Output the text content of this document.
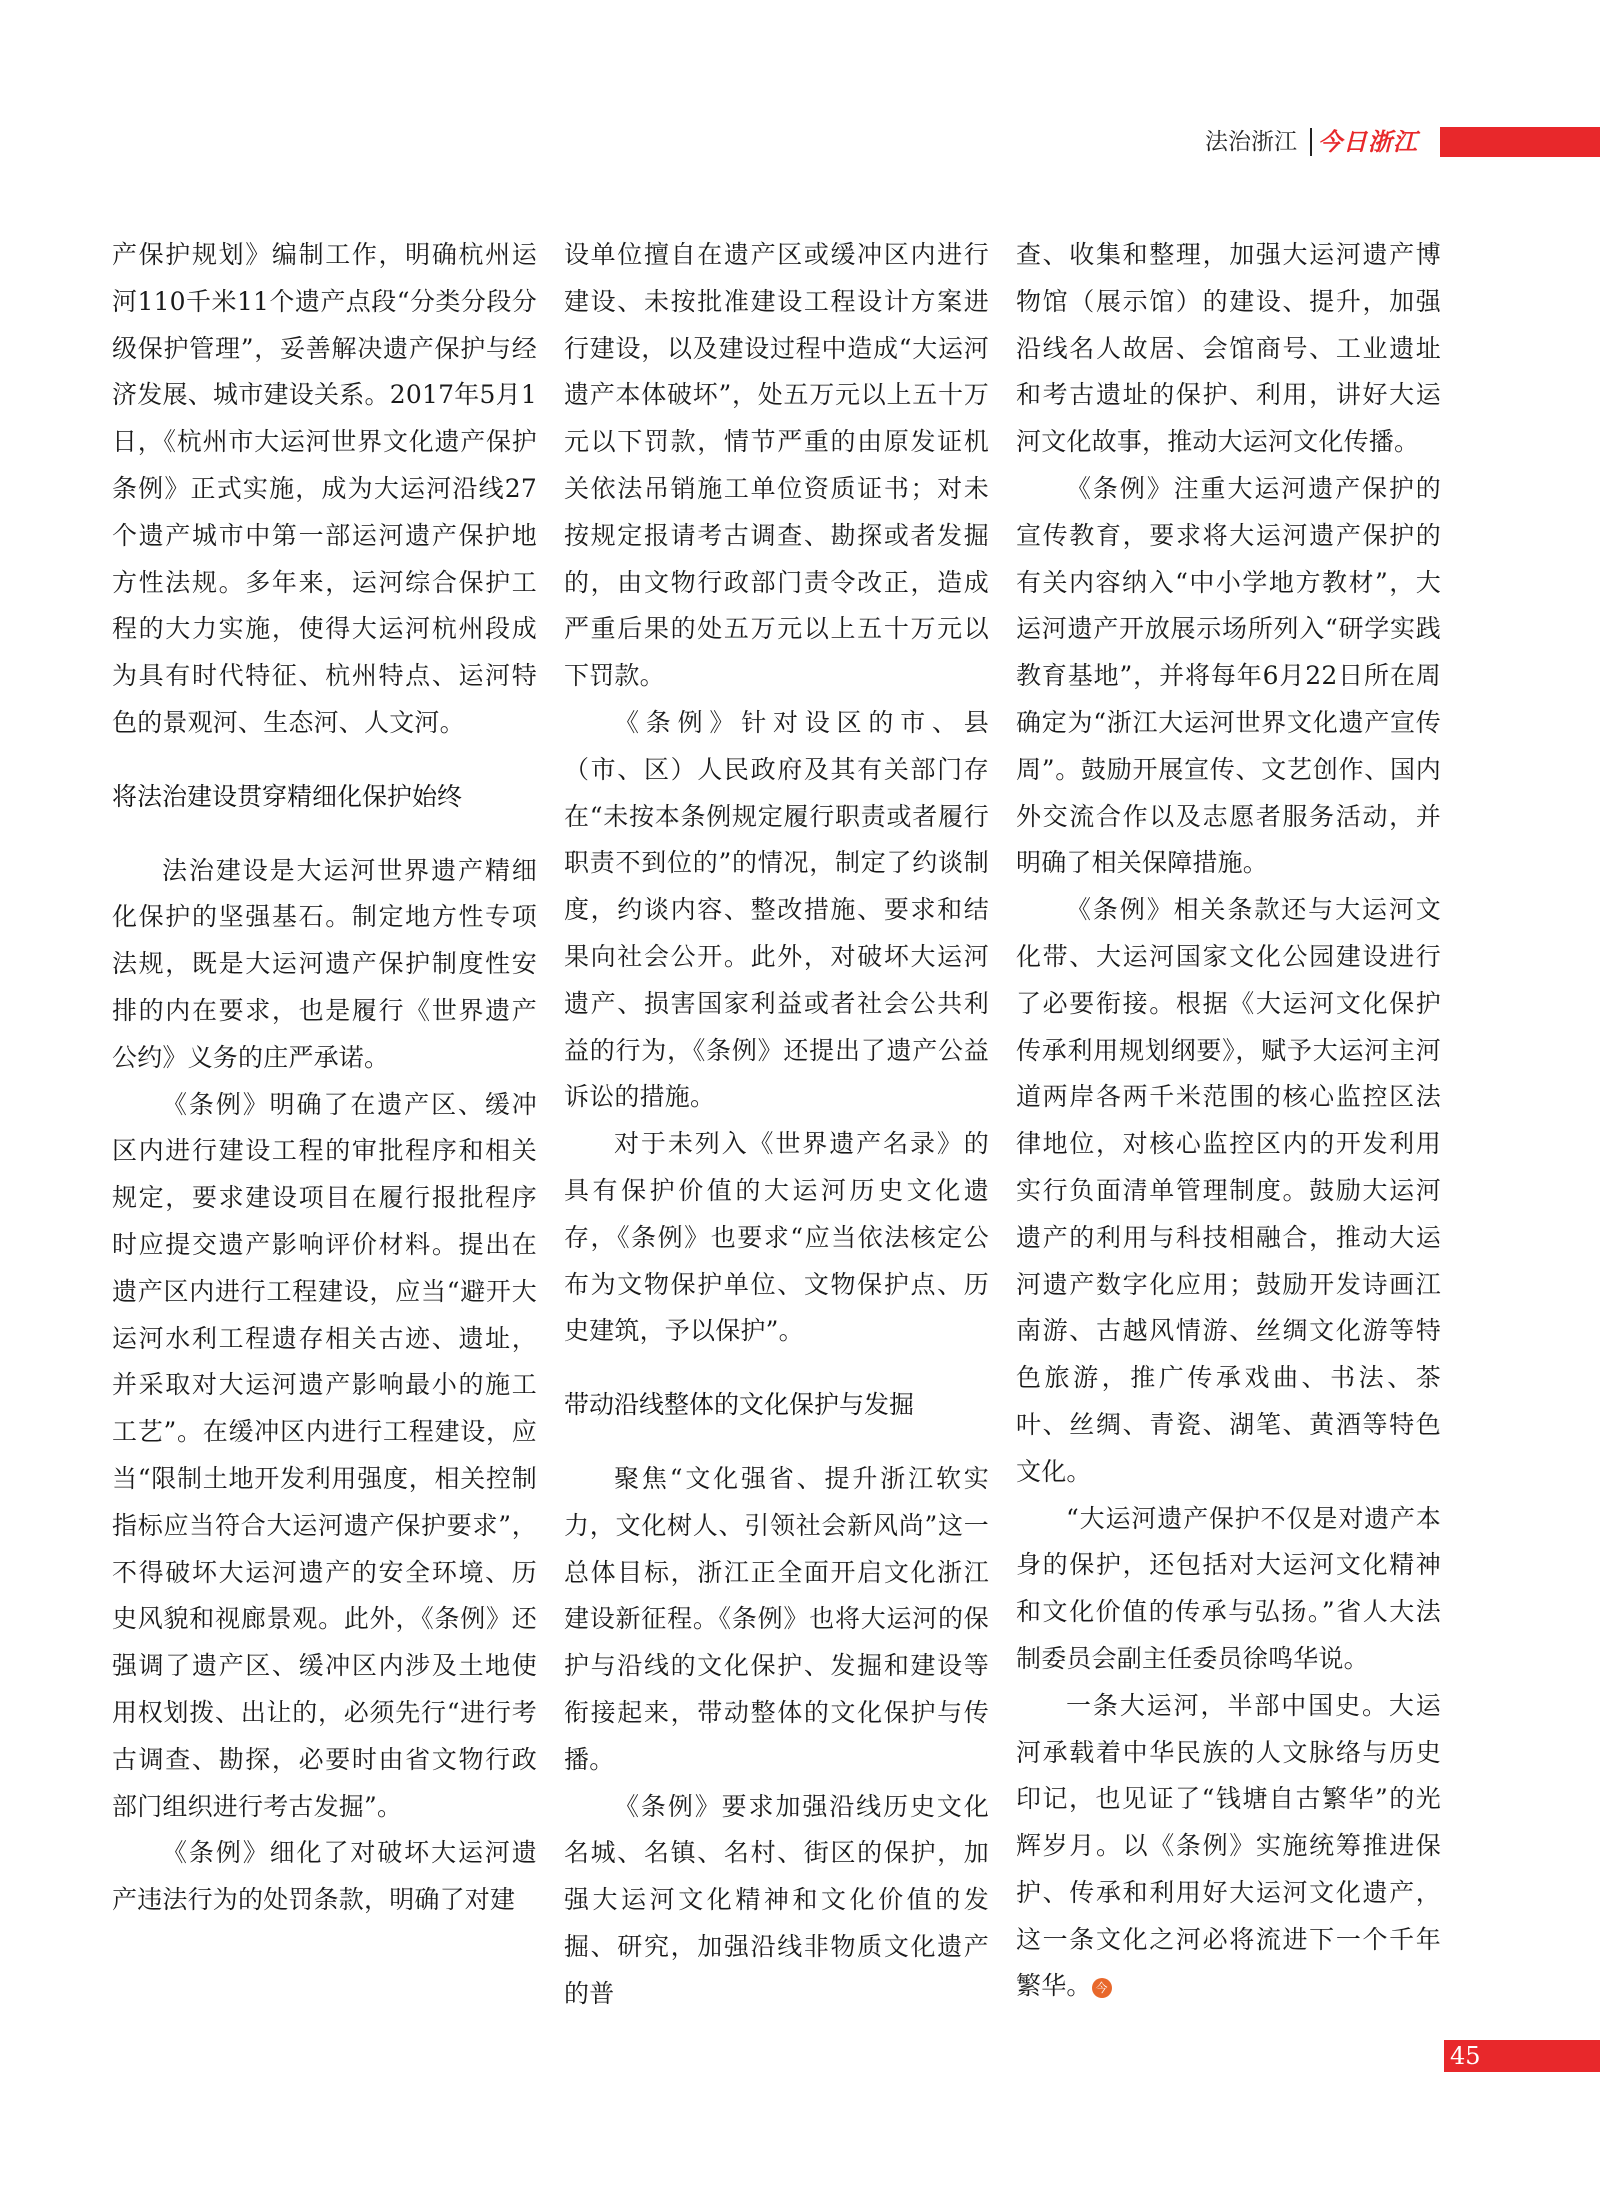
法治浙江 今日浙江

产保护规划》编制工作，明确杭州运河110千米11个遗产点段“分类分段分级保护管理”，妥善解决遗产保护与经济发展、城市建设关系。2017年5月1日，《杭州市大运河世界文化遗产保护条例》正式实施，成为大运河沿线27个遗产城市中第一部运河遗产保护地方性法规。多年来，运河综合保护工程的大力实施，使得大运河杭州段成为具有时代特征、杭州特点、运河特色的景观河、生态河、人文河。

将法治建设贯穿精细化保护始终

法治建设是大运河世界遗产精细化保护的坚强基石。制定地方性专项法规，既是大运河遗产保护制度性安排的内在要求，也是履行《世界遗产公约》义务的庄严承诺。

《条例》明确了在遗产区、缓冲区内进行建设工程的审批程序和相关规定，要求建设项目在履行报批程序时应提交遗产影响评价材料。提出在遗产区内进行工程建设，应当“避开大运河水利工程遗存相关古迹、遗址，并采取对大运河遗产影响最小的施工工艺”。在缓冲区内进行工程建设，应当“限制土地开发利用强度，相关控制指标应当符合大运河遗产保护要求”，不得破坏大运河遗产的安全环境、历史风貌和视廊景观。此外，《条例》还强调了遗产区、缓冲区内涉及土地使用权划拨、出让的，必须先行“进行考古调查、勘探，必要时由省文物行政部门组织进行考古发掘”。

《条例》细化了对破坏大运河遗产违法行为的处罚条款，明确了对建

设单位擅自在遗产区或缓冲区内进行建设、未按批准建设工程设计方案进行建设，以及建设过程中造成“大运河遗产本体破坏”，处五万元以上五十万元以下罚款，情节严重的由原发证机关依法吊销施工单位资质证书；对未按规定报请考古调查、勘探或者发掘的，由文物行政部门责令改正，造成严重后果的处五万元以上五十万元以下罚款。

《条例》针对设区的市、县（市、区）人民政府及其有关部门存在“未按本条例规定履行职责或者履行职责不到位的”的情况，制定了约谈制度，约谈内容、整改措施、要求和结果向社会公开。此外，对破坏大运河遗产、损害国家利益或者社会公共利益的行为，《条例》还提出了遗产公益诉讼的措施。

对于未列入《世界遗产名录》的具有保护价值的大运河历史文化遗存，《条例》也要求“应当依法核定公布为文物保护单位、文物保护点、历史建筑，予以保护”。

带动沿线整体的文化保护与发掘

聚焦“文化强省、提升浙江软实力，文化树人、引领社会新风尚”这一总体目标，浙江正全面开启文化浙江建设新征程。《条例》也将大运河的保护与沿线的文化保护、发掘和建设等衔接起来，带动整体的文化保护与传播。

《条例》要求加强沿线历史文化名城、名镇、名村、街区的保护，加强大运河文化精神和文化价值的发掘、研究，加强沿线非物质文化遗产的普

查、收集和整理，加强大运河遗产博物馆（展示馆）的建设、提升，加强沿线名人故居、会馆商号、工业遗址和考古遗址的保护、利用，讲好大运河文化故事，推动大运河文化传播。

《条例》注重大运河遗产保护的宣传教育，要求将大运河遗产保护的有关内容纳入“中小学地方教材”，大运河遗产开放展示场所列入“研学实践教育基地”，并将每年6月22日所在周确定为“浙江大运河世界文化遗产宣传周”。鼓励开展宣传、文艺创作、国内外交流合作以及志愿者服务活动，并明确了相关保障措施。

《条例》相关条款还与大运河文化带、大运河国家文化公园建设进行了必要衔接。根据《大运河文化保护传承利用规划纲要》，赋予大运河主河道两岸各两千米范围的核心监控区法律地位，对核心监控区内的开发利用实行负面清单管理制度。鼓励大运河遗产的利用与科技相融合，推动大运河遗产数字化应用；鼓励开发诗画江南游、古越风情游、丝绸文化游等特色旅游，推广传承戏曲、书法、茶叶、丝绸、青瓷、湖笔、黄酒等特色文化。

“大运河遗产保护不仅是对遗产本身的保护，还包括对大运河文化精神和文化价值的传承与弘扬。”省人大法制委员会副主任委员徐鸣华说。

一条大运河，半部中国史。大运河承载着中华民族的人文脉络与历史印记，也见证了“钱塘自古繁华”的光辉岁月。以《条例》实施统筹推进保护、传承和利用好大运河文化遗产，这一条文化之河必将流进下一个千年繁华。 今

45
